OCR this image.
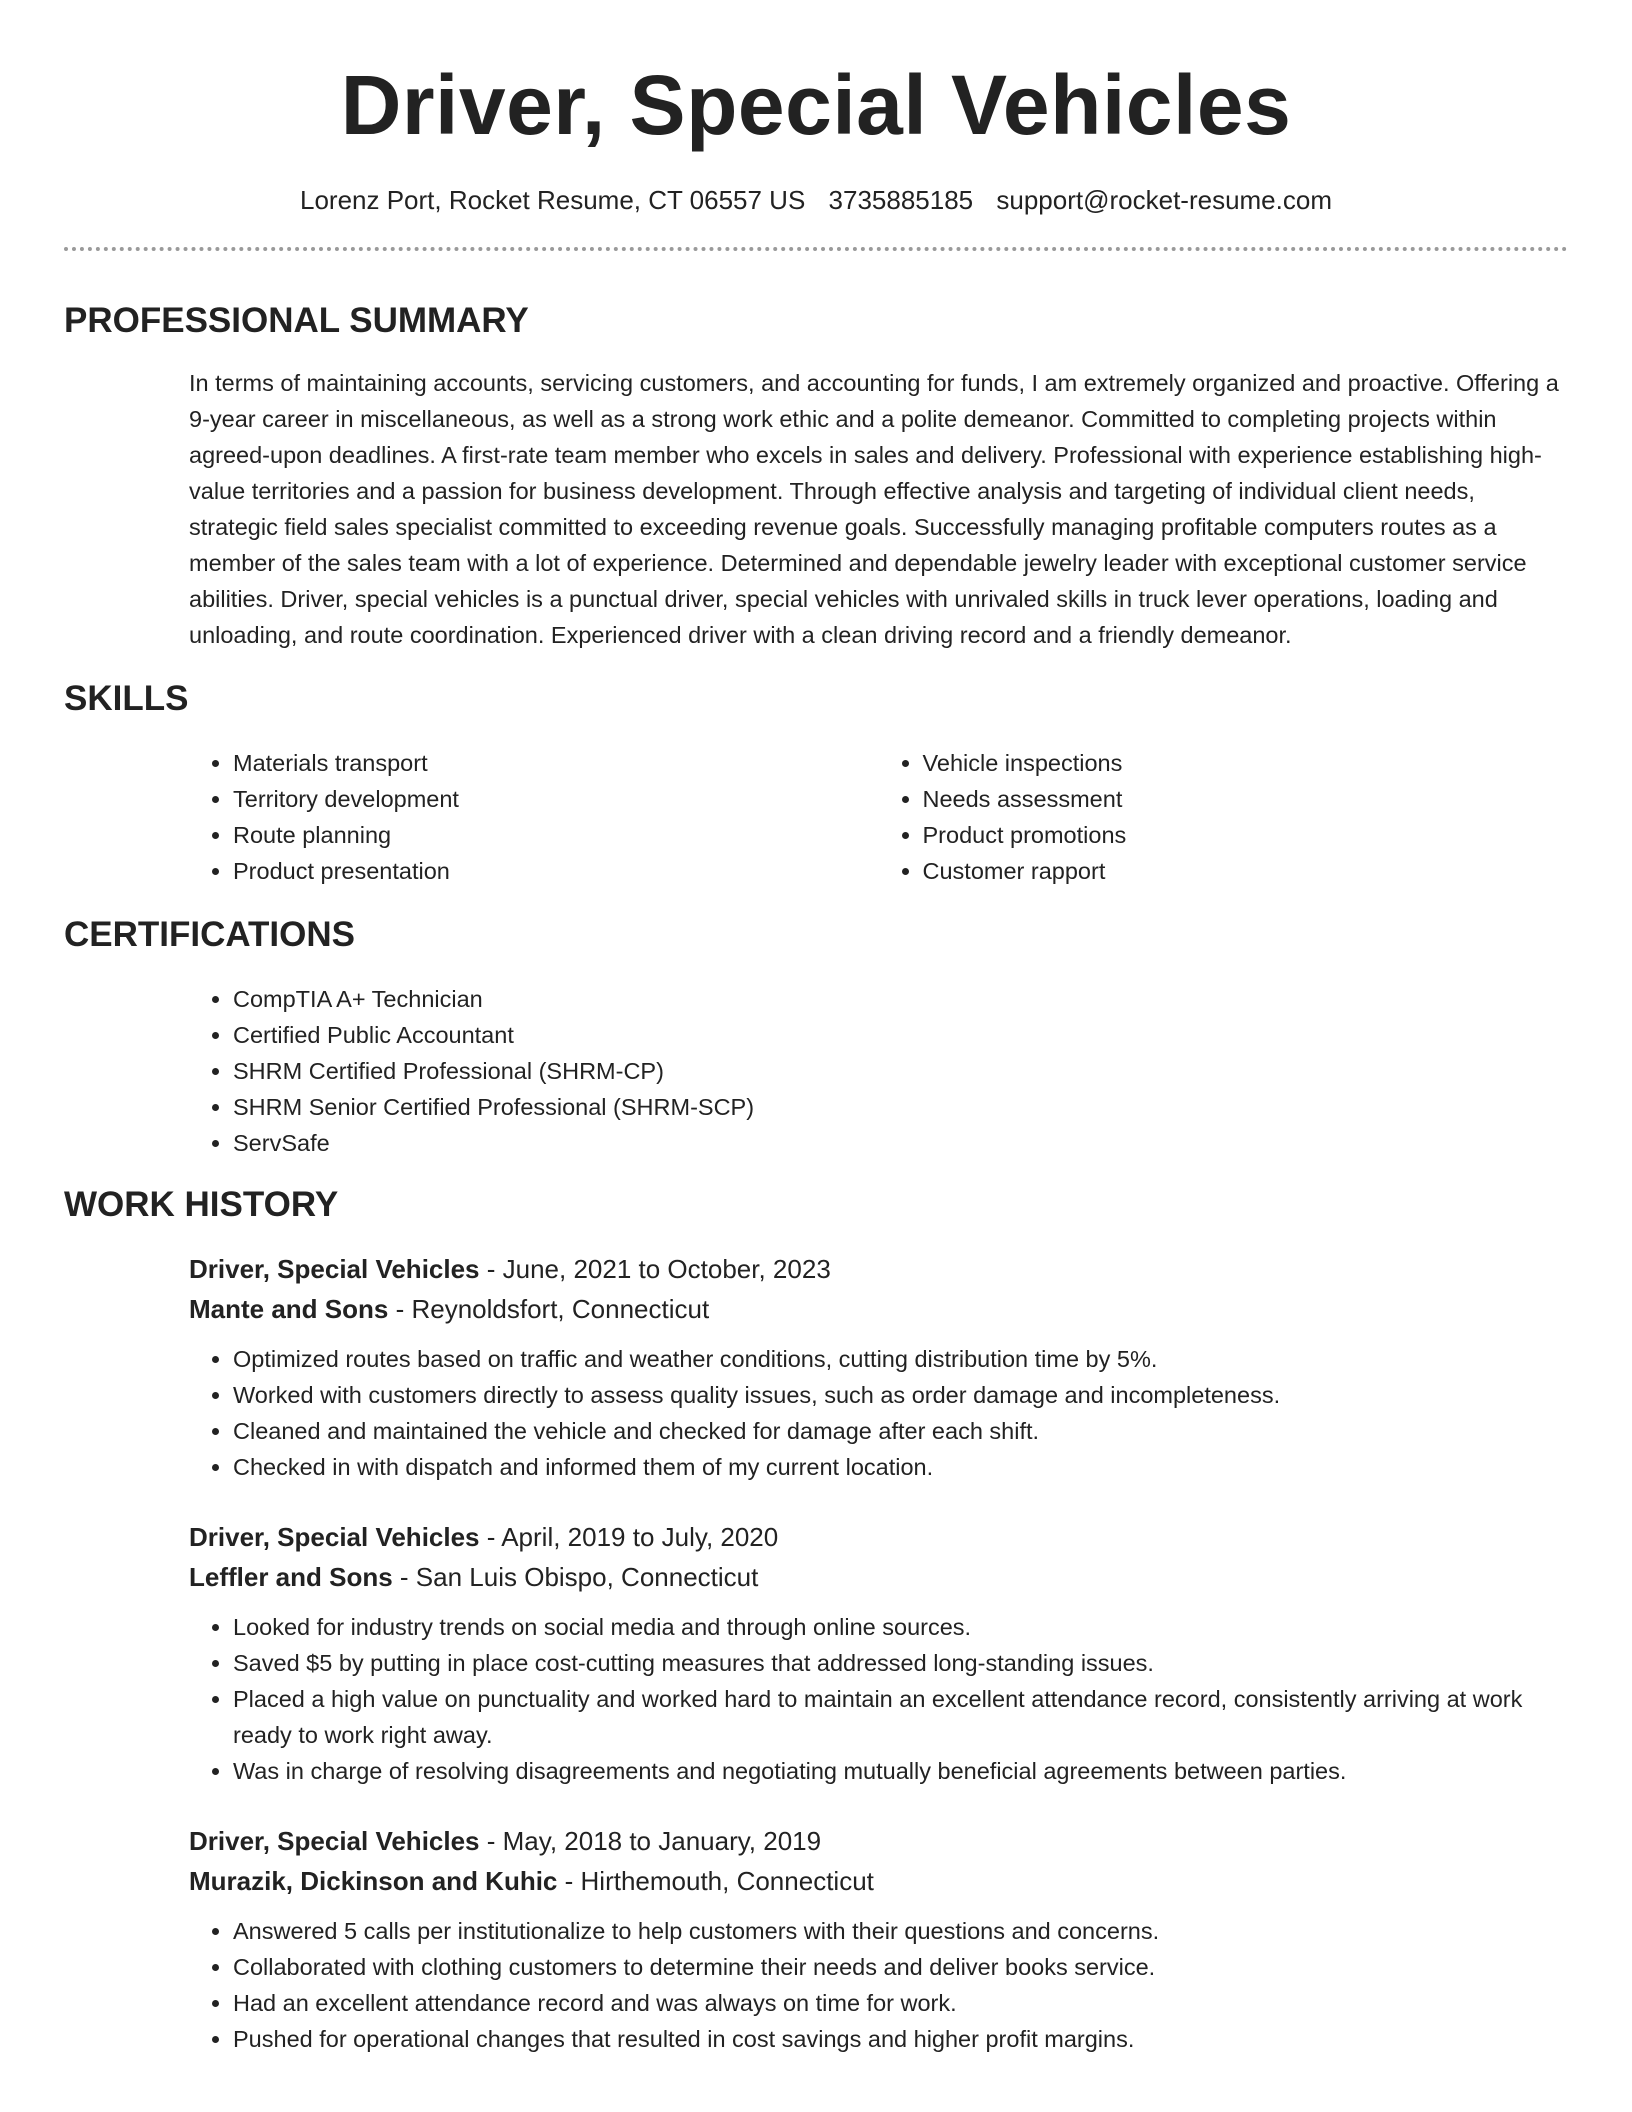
Driver, Special Vehicles
Lorenz Port, Rocket Resume, CT 06557 US 3735885185 support@rocket-resume.com
PROFESSIONAL SUMMARY

In terms of maintaining accounts, servicing customers, and accounting for funds, I am extremely organized and proactive. Offering a 9-year career in miscellaneous, as well as a strong work ethic and a polite demeanor. Committed to completing projects within agreed-upon deadlines. A first-rate team member who excels in sales and delivery. Professional with experience establishing high-value territories and a passion for business development. Through effective analysis and targeting of individual client needs, strategic field sales specialist committed to exceeding revenue goals. Successfully managing profitable computers routes as a member of the sales team with a lot of experience. Determined and dependable jewelry leader with exceptional customer service abilities. Driver, special vehicles is a punctual driver, special vehicles with unrivaled skills in truck lever operations, loading and unloading, and route coordination. Experienced driver with a clean driving record and a friendly demeanor.

SKILLS
• Materials transport
• Territory development
• Route planning
• Product presentation
• Vehicle inspections
• Needs assessment
• Product promotions
• Customer rapport
CERTIFICATIONS
• CompTIA A+ Technician
• Certified Public Accountant
• SHRM Certified Professional (SHRM-CP)
• SHRM Senior Certified Professional (SHRM-SCP)
• ServSafe
WORK HISTORY
Driver, Special Vehicles - June, 2021 to October, 2023
Mante and Sons - Reynoldsfort, Connecticut
• Optimized routes based on traffic and weather conditions, cutting distribution time by 5%.
• Worked with customers directly to assess quality issues, such as order damage and incompleteness.
• Cleaned and maintained the vehicle and checked for damage after each shift.
• Checked in with dispatch and informed them of my current location.
Driver, Special Vehicles - April, 2019 to July, 2020
Leffler and Sons - San Luis Obispo, Connecticut
• Looked for industry trends on social media and through online sources.
• Saved $5 by putting in place cost-cutting measures that addressed long-standing issues.
• Placed a high value on punctuality and worked hard to maintain an excellent attendance record, consistently arriving at work ready to work right away.
• Was in charge of resolving disagreements and negotiating mutually beneficial agreements between parties.
Driver, Special Vehicles - May, 2018 to January, 2019
Murazik, Dickinson and Kuhic - Hirthemouth, Connecticut
• Answered 5 calls per institutionalize to help customers with their questions and concerns.
• Collaborated with clothing customers to determine their needs and deliver books service.
• Had an excellent attendance record and was always on time for work.
• Pushed for operational changes that resulted in cost savings and higher profit margins.
